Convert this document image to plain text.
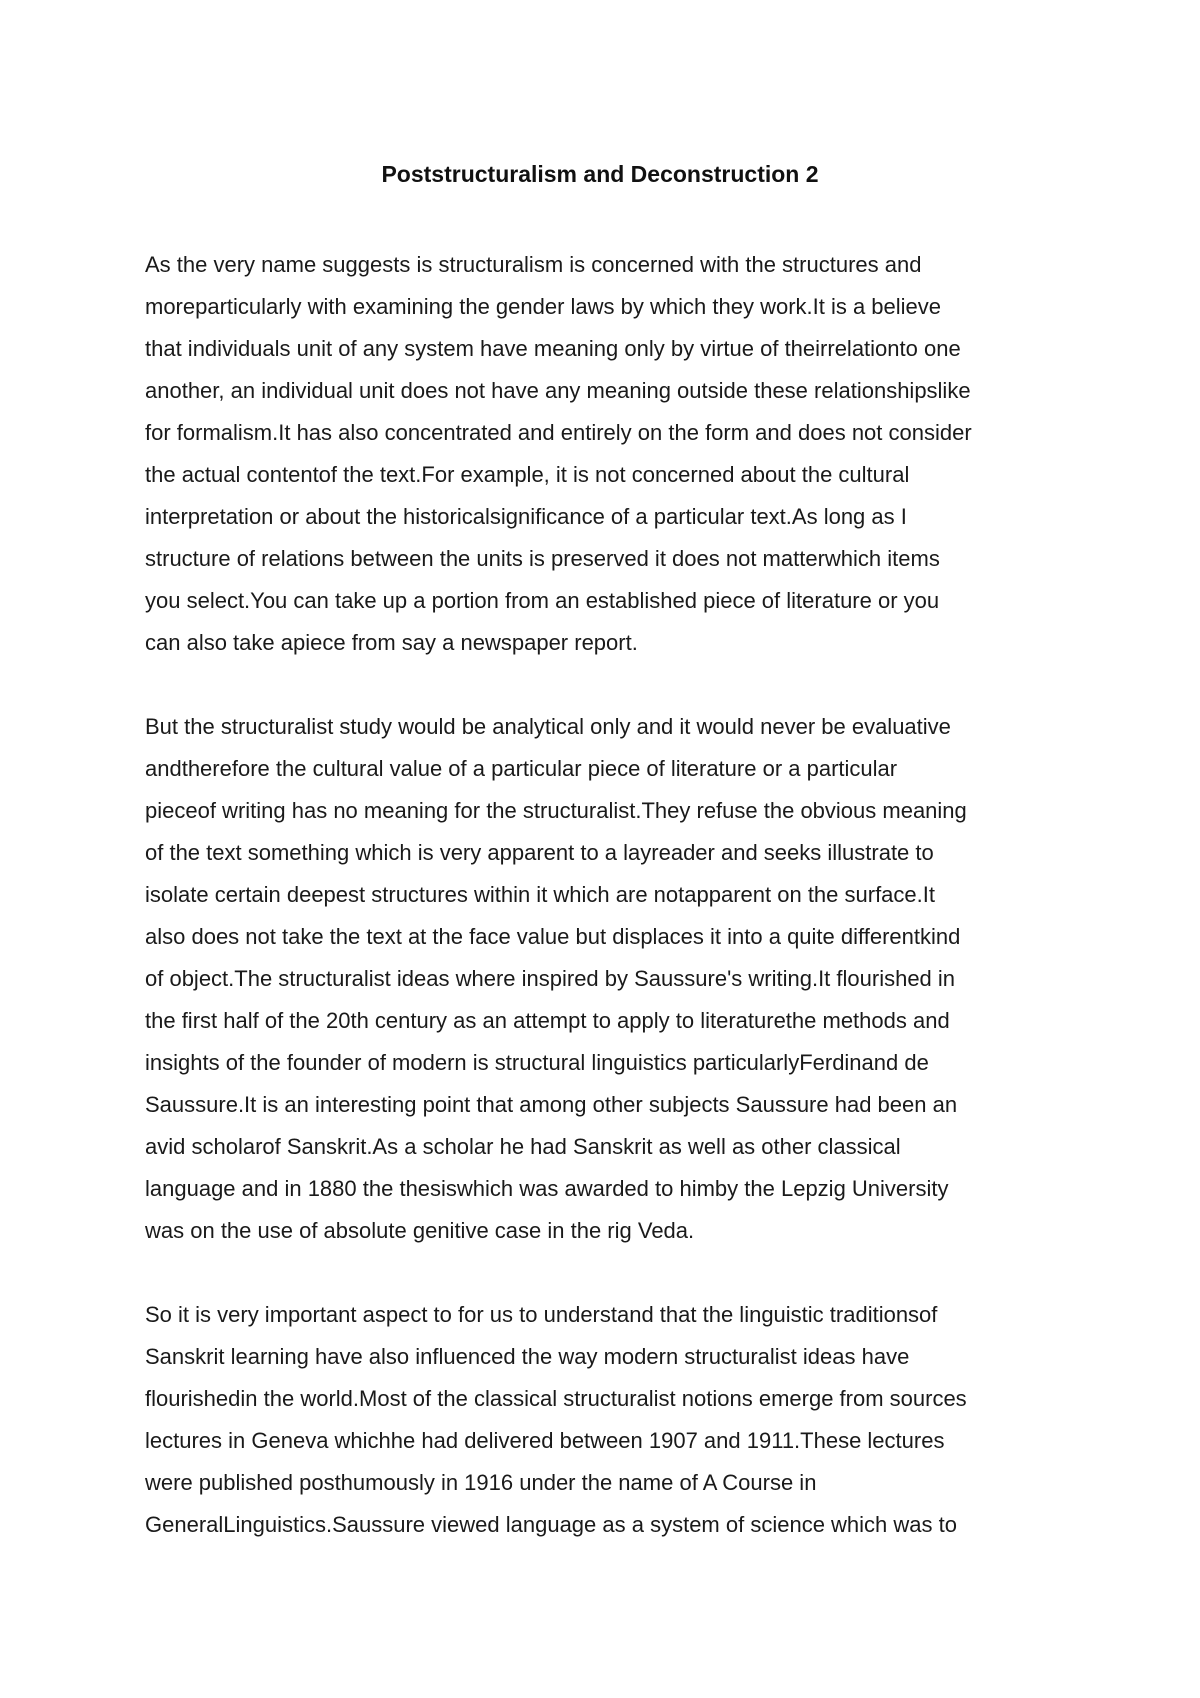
Poststructuralism and Deconstruction 2
As the very name suggests is structuralism is concerned with the structures and
moreparticularly with examining the gender laws by which they work.It is a believe
that individuals unit of any system have meaning only by virtue of theirrelationto one
another, an individual unit does not have any meaning outside these relationshipslike
for formalism.It has also concentrated and entirely on the form and does not consider
the actual contentof the text.For example, it is not concerned about the cultural
interpretation or about the historicalsignificance of a particular text.As long as I
structure of relations between the units is preserved it does not matterwhich items
you select.You can take up a portion from an established piece of literature or you
can also take apiece from say a newspaper report.
But the structuralist study would be analytical only and it would never be evaluative
andtherefore the cultural value of a particular piece of literature or a particular
pieceof writing has no meaning for the structuralist.They refuse the obvious meaning
of the text something which is very apparent to a layreader and seeks illustrate to
isolate certain deepest structures within it which are notapparent on the surface.It
also does not take the text at the face value but displaces it into a quite differentkind
of object.The structuralist ideas where inspired by Saussure's writing.It flourished in
the first half of the 20th century as an attempt to apply to literaturethe methods and
insights of the founder of modern is structural linguistics particularlyFerdinand de
Saussure.It is an interesting point that among other subjects Saussure had been an
avid scholarof Sanskrit.As a scholar he had Sanskrit as well as other classical
language and in 1880 the thesiswhich was awarded to himby the Lepzig University
was on the use of absolute genitive case in the rig Veda.
So it is very important aspect to for us to understand that the linguistic traditionsof
Sanskrit learning have also influenced the way modern structuralist ideas have
flourishedin the world.Most of the classical structuralist notions emerge from sources
lectures in Geneva whichhe had delivered between 1907 and 1911.These lectures
were published posthumously in 1916 under the name of A Course in
GeneralLinguistics.Saussure viewed language as a system of science which was to
